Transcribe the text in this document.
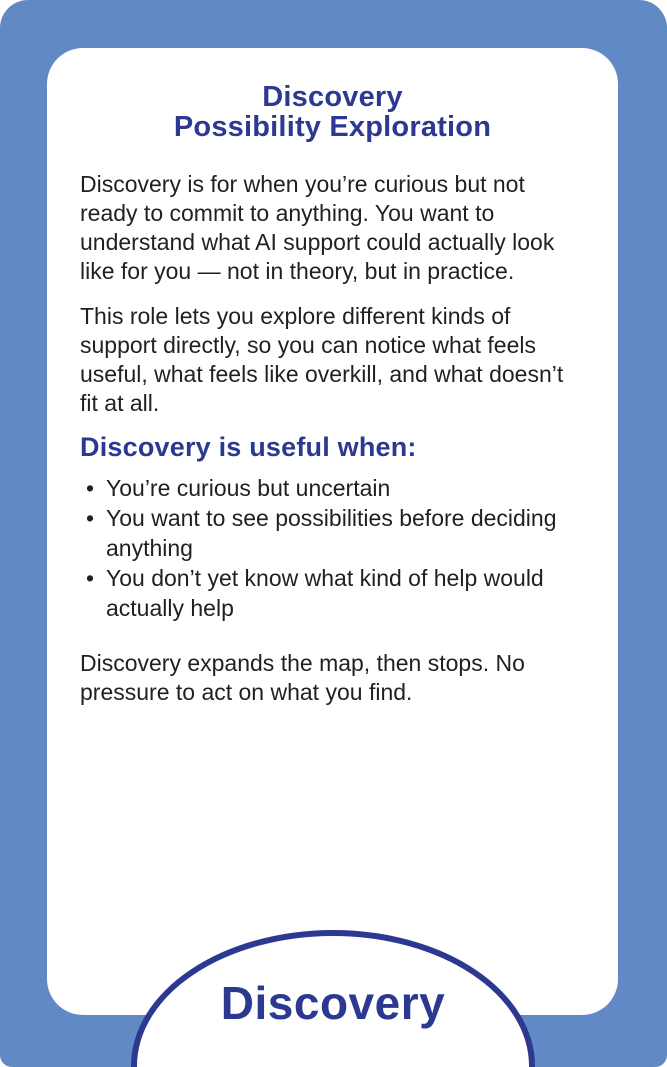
Discovery
Possibility Exploration

Discovery is for when you’re curious but not ready to commit to anything. You want to understand what AI support could actually look like for you — not in theory, but in practice.

This role lets you explore different kinds of support directly, so you can notice what feels useful, what feels like overkill, and what doesn’t fit at all.

Discovery is useful when:
• You’re curious but uncertain
• You want to see possibilities before deciding anything
• You don’t yet know what kind of help would actually help

Discovery expands the map, then stops. No pressure to act on what you find.

Discovery
